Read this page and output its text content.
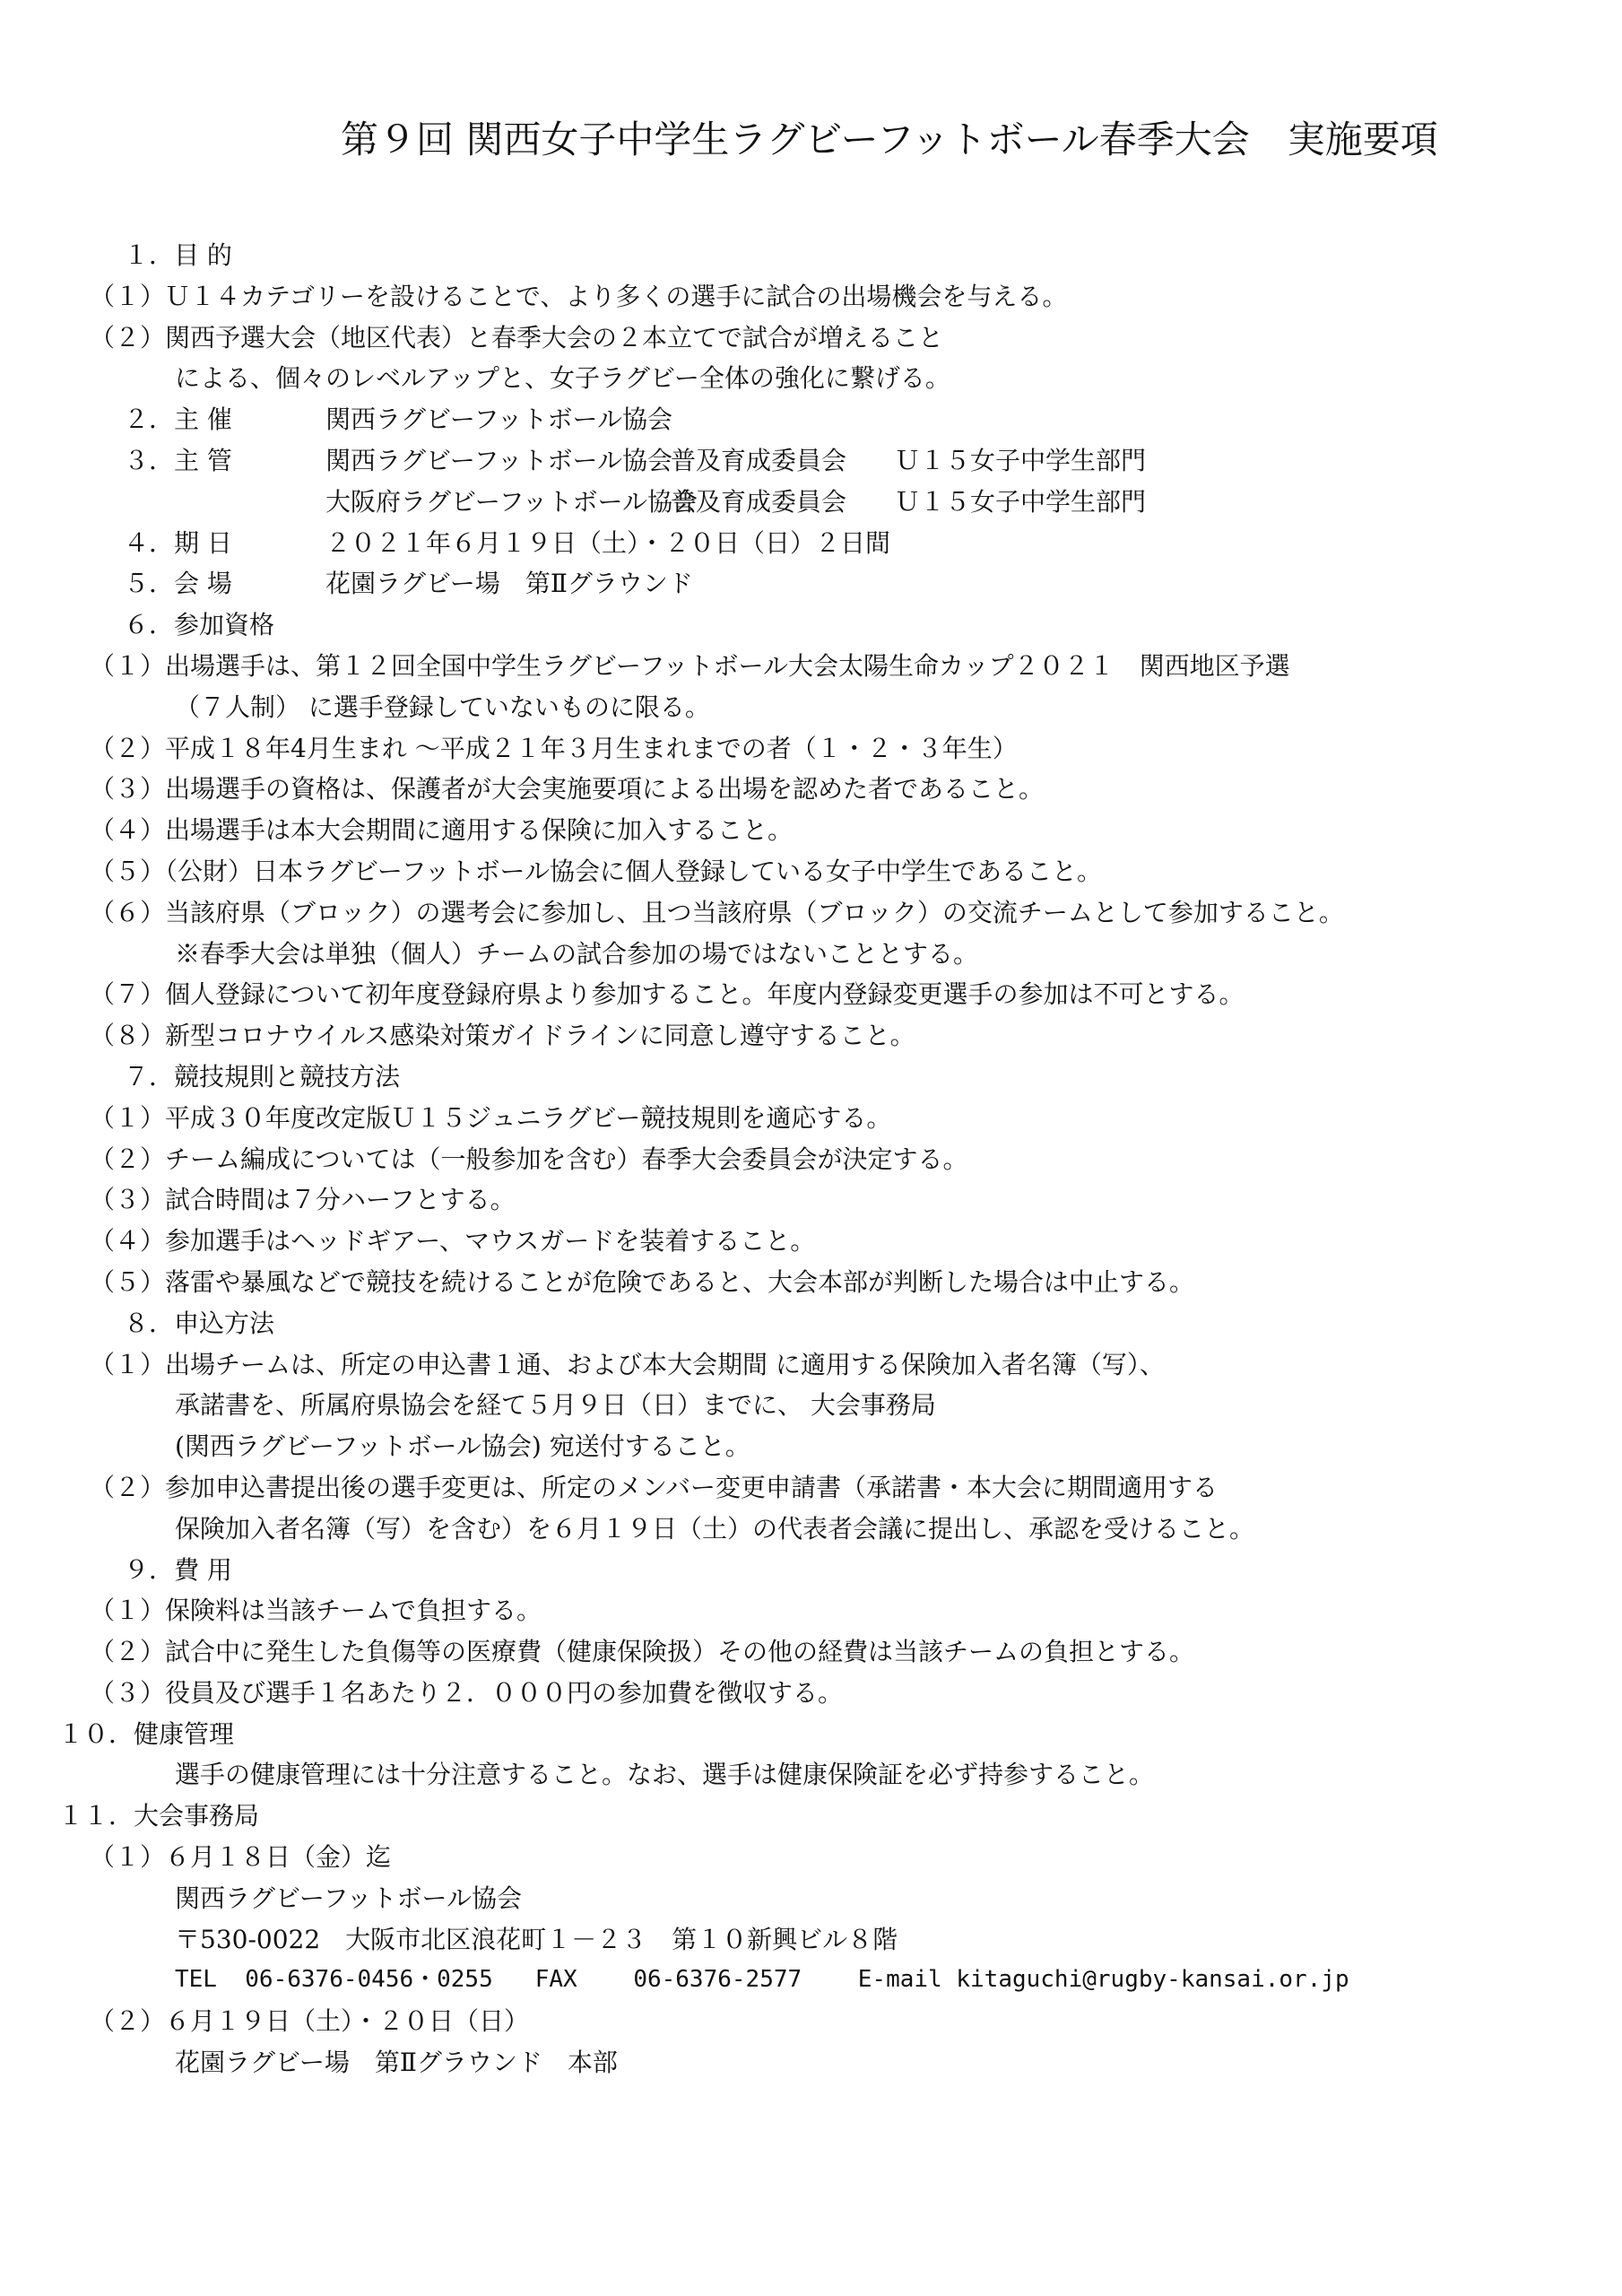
第９回 関西女子中学生ラグビーフットボール春季大会　実施要項
１．目 的
（１）Ｕ１４カテゴリーを設けることで、より多くの選手に試合の出場機会を与える。
（２）関西予選大会（地区代表）と春季大会の２本立てで試合が増えること
による、個々のレベルアップと、女子ラグビー全体の強化に繋げる。
２．主 催	関西ラグビーフットボール協会
３．主 管	関西ラグビーフットボール協会普及育成委員会 Ｕ１５女子中学生部門
大阪府ラグビーフットボール協会普及育成委員会 Ｕ１５女子中学生部門
４．期 日	２０２１年６月１９日（土）・２０日（日）２日間
５．会 場	花園ラグビー場　第Ⅱグラウンド
６．参加資格
（１）出場選手は、第１２回全国中学生ラグビーフットボール大会太陽生命カップ２０２１　関西地区予選
（７人制） に選手登録していないものに限る。
（２）平成１８年4月生まれ ～平成２１年３月生まれまでの者（１・２・３年生）
（３）出場選手の資格は、保護者が大会実施要項による出場を認めた者であること。
（４）出場選手は本大会期間に適用する保険に加入すること。
（５）（公財）日本ラグビーフットボール協会に個人登録している女子中学生であること。
（６）当該府県（ブロック）の選考会に参加し、且つ当該府県（ブロック）の交流チームとして参加すること。
※春季大会は単独（個人）チームの試合参加の場ではないこととする。
（７）個人登録について初年度登録府県より参加すること。年度内登録変更選手の参加は不可とする。
（８）新型コロナウイルス感染対策ガイドラインに同意し遵守すること。
７．競技規則と競技方法
（１）平成３０年度改定版Ｕ１５ジュニラグビー競技規則を適応する。
（２）チーム編成については（一般参加を含む）春季大会委員会が決定する。
（３）試合時間は７分ハーフとする。
（４）参加選手はヘッドギアー、マウスガードを装着すること。
（５）落雷や暴風などで競技を続けることが危険であると、大会本部が判断した場合は中止する。
８．申込方法
（１）出場チームは、所定の申込書１通、および本大会期間 に適用する保険加入者名簿（写）、
承諾書を、所属府県協会を経て５月９日（日）までに、 大会事務局
(関西ラグビーフットボール協会) 宛送付すること。
（２）参加申込書提出後の選手変更は、所定のメンバー変更申請書（承諾書・本大会に期間適用する
保険加入者名簿（写）を含む）を６月１９日（土）の代表者会議に提出し、承認を受けること。
９．費 用
（１）保険料は当該チームで負担する。
（２）試合中に発生した負傷等の医療費（健康保険扱）その他の経費は当該チームの負担とする。
（３）役員及び選手１名あたり２．０００円の参加費を徴収する。
１０．健康管理
選手の健康管理には十分注意すること。なお、選手は健康保険証を必ず持参すること。
１１．大会事務局
（１）６月１８日（金）迄
関西ラグビーフットボール協会
〒530-0022　大阪市北区浪花町１－２３　第１０新興ビル８階
TEL 06-6376-0456・0255 FAX 06-6376-2577 E-mail kitaguchi@rugby-kansai.or.jp
（２）６月１９日（土）・２０日（日）
花園ラグビー場　第Ⅱグラウンド　本部
